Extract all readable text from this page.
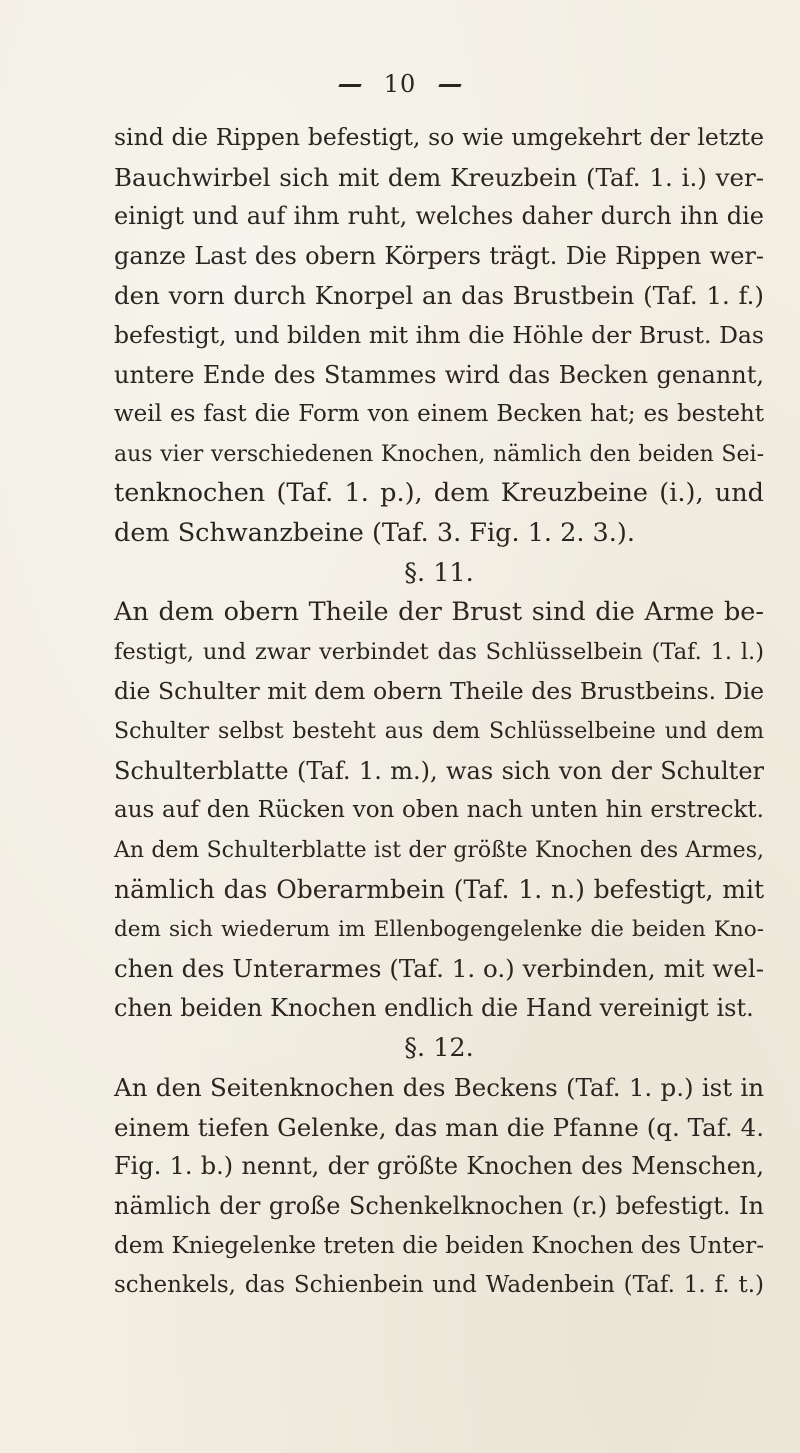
10
sind die Rippen befestigt, so wie umgekehrt der letzte
Bauchwirbel sich mit dem Kreuzbein (Taf. 1. i.) ver-
einigt und auf ihm ruht, welches daher durch ihn die
ganze Last des obern Körpers trägt. Die Rippen wer-
den vorn durch Knorpel an das Brustbein (Taf. 1. f.)
befestigt, und bilden mit ihm die Höhle der Brust. Das
untere Ende des Stammes wird das Becken genannt,
weil es fast die Form von einem Becken hat; es besteht
aus vier verschiedenen Knochen, nämlich den beiden Sei-
tenknochen (Taf. 1. p.), dem Kreuzbeine (i.), und
dem Schwanzbeine (Taf. 3. Fig. 1. 2. 3.).
§. 11.
An dem obern Theile der Brust sind die Arme be-
festigt, und zwar verbindet das Schlüsselbein (Taf. 1. l.)
die Schulter mit dem obern Theile des Brustbeins. Die
Schulter selbst besteht aus dem Schlüsselbeine und dem
Schulterblatte (Taf. 1. m.), was sich von der Schulter
aus auf den Rücken von oben nach unten hin erstreckt.
An dem Schulterblatte ist der größte Knochen des Armes,
nämlich das Oberarmbein (Taf. 1. n.) befestigt, mit
dem sich wiederum im Ellenbogengelenke die beiden Kno-
chen des Unterarmes (Taf. 1. o.) verbinden, mit wel-
chen beiden Knochen endlich die Hand vereinigt ist.
§. 12.
An den Seitenknochen des Beckens (Taf. 1. p.) ist in
einem tiefen Gelenke, das man die Pfanne (q. Taf. 4.
Fig. 1. b.) nennt, der größte Knochen des Menschen,
nämlich der große Schenkelknochen (r.) befestigt. In
dem Kniegelenke treten die beiden Knochen des Unter-
schenkels, das Schienbein und Wadenbein (Taf. 1. f. t.)
